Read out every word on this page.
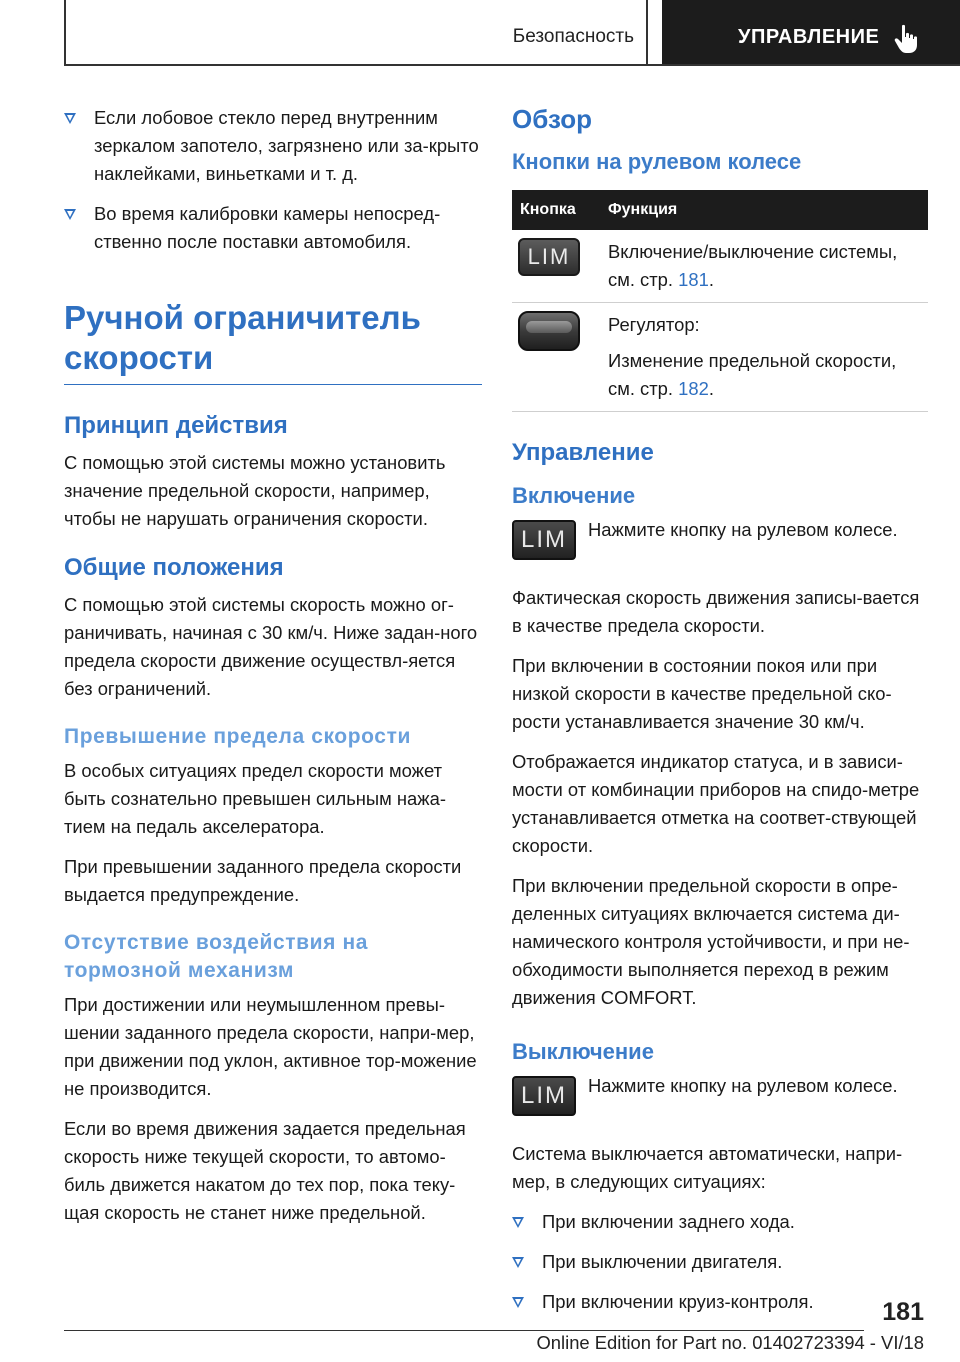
Безопасность	УПРАВЛЕНИЕ
Если лобовое стекло перед внутренним зеркалом запотело, загрязнено или за-крыто наклейками, виньетками и т. д.
Во время калибровки камеры непосред-ственно после поставки автомобиля.
Ручной ограничитель скорости
Принцип действия

С помощью этой системы можно установить значение предельной скорости, например, чтобы не нарушать ограничения скорости.

Общие положения

С помощью этой системы скорость можно ог-раничивать, начиная с 30 км/ч. Ниже задан-ного предела скорости движение осуществл-яется без ограничений.

Превышение предела скорости

В особых ситуациях предел скорости может быть сознательно превышен сильным нажа-тием на педаль акселератора.

При превышении заданного предела скорости выдается предупреждение.

Отсутствие воздействия на тормозной механизм

При достижении или неумышленном превы-шении заданного предела скорости, напри-мер, при движении под уклон, активное тор-можение не производится.

Если во время движения задается предельная скорость ниже текущей скорости, то автомо-биль движется накатом до тех пор, пока теку-щая скорость не станет ниже предельной.

Обзор
Кнопки на рулевом колесе
Кнопка	Функция

LIM	Включение/выключение системы, см. стр. 181.

	Регулятор:

Изменение предельной скорости, см. стр. 182.

Управление
Включение
LIM	Нажмите кнопку на рулевом колесе.

Фактическая скорость движения записы-вается в качестве предела скорости.

При включении в состоянии покоя или при низкой скорости в качестве предельной ско-рости устанавливается значение 30 км/ч.

Отображается индикатор статуса, и в зависи-мости от комбинации приборов на спидо-метре устанавливается отметка на соответ-ствующей скорости.

При включении предельной скорости в опре-деленных ситуациях включается система ди-намического контроля устойчивости, и при не-обходимости выполняется переход в режим движения COMFORT.

Выключение
LIM	Нажмите кнопку на рулевом колесе.

Система выключается автоматически, напри-мер, в следующих ситуациях:

При включении заднего хода.
При выключении двигателя.
При включении круиз-контроля.	181
Online Edition for Part no. 01402723394 - VI/18
